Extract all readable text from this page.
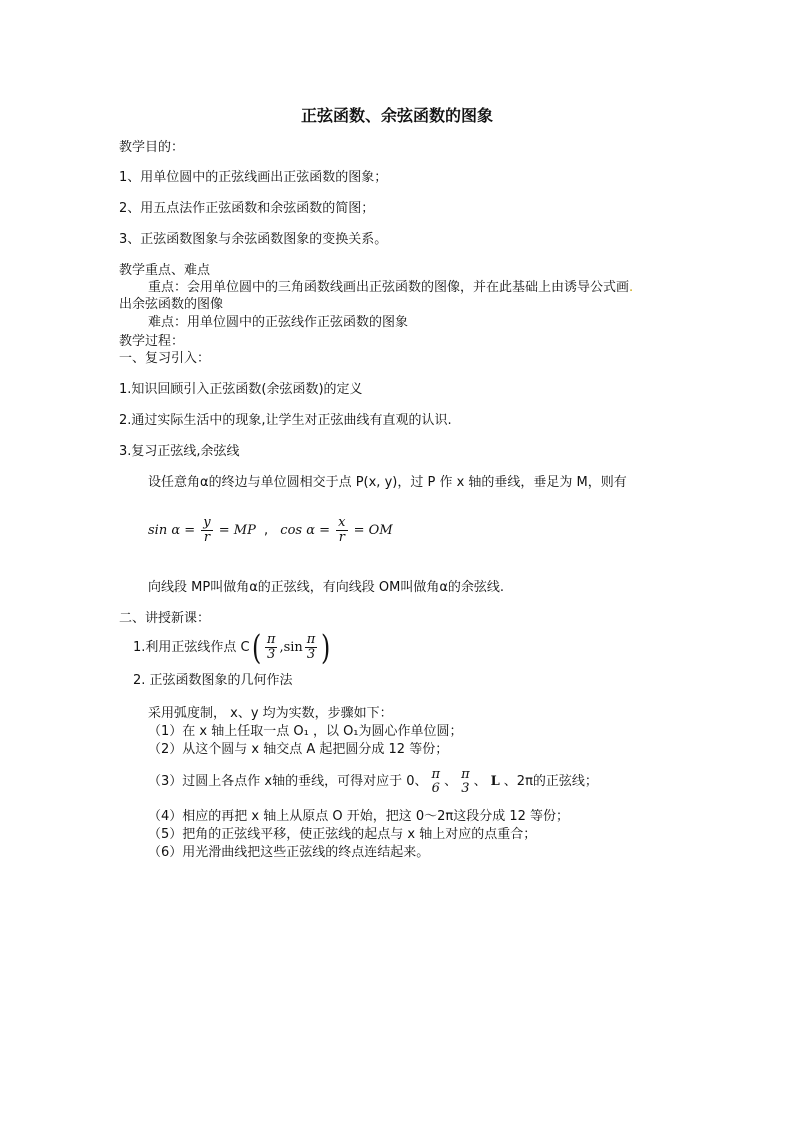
正弦函数、余弦函数的图象
教学目的：
1、用单位圆中的正弦线画出正弦函数的图象；
2、用五点法作正弦函数和余弦函数的简图；
3、正弦函数图象与余弦函数图象的变换关系。
教学重点、难点
重点：会用单位圆中的三角函数线画出正弦函数的图像，并在此基础上由诱导公式画.
出余弦函数的图像
难点：用单位圆中的正弦线作正弦函数的图象
教学过程：
一、复习引入：
1.知识回顾引入正弦函数(余弦函数)的定义
2.通过实际生活中的现象,让学生对正弦曲线有直观的认识.
3.复习正弦线,余弦线
设任意角α的终边与单位圆相交于点 P(x, y)，过 P 作 x 轴的垂线，垂足为 M，则有
$\sin \alpha = \frac{y}{r}$ = MP , $\cos \alpha = \frac{x}{r}$ = OM
向线段 MP叫做角α的正弦线，有向线段 OM叫做角α的余弦线.
二、讲授新课：
1.利用正弦线作点 $C( \frac{\pi}{3} ,\sin \frac{\pi}{3}$ )
2. 正弦函数图象的几何作法
采用弧度制， x、y 均为实数，步骤如下：
（1）在 x 轴上任取一点 O₁ ，以 O₁为圆心作单位圆；
（2）从这个圆与 x 轴交点 A 起把圆分成 12 等份；
（3）过圆上各点作 x轴的垂线，可得对应于 0、 π
6 、 π
3 、 L 、2π的正弦线；
（4）相应的再把 x 轴上从原点 O 开始，把这 0～2π这段分成 12 等份；
（5）把角的正弦线平移，使正弦线的起点与 x 轴上对应的点重合；
（6）用光滑曲线把这些正弦线的终点连结起来。
